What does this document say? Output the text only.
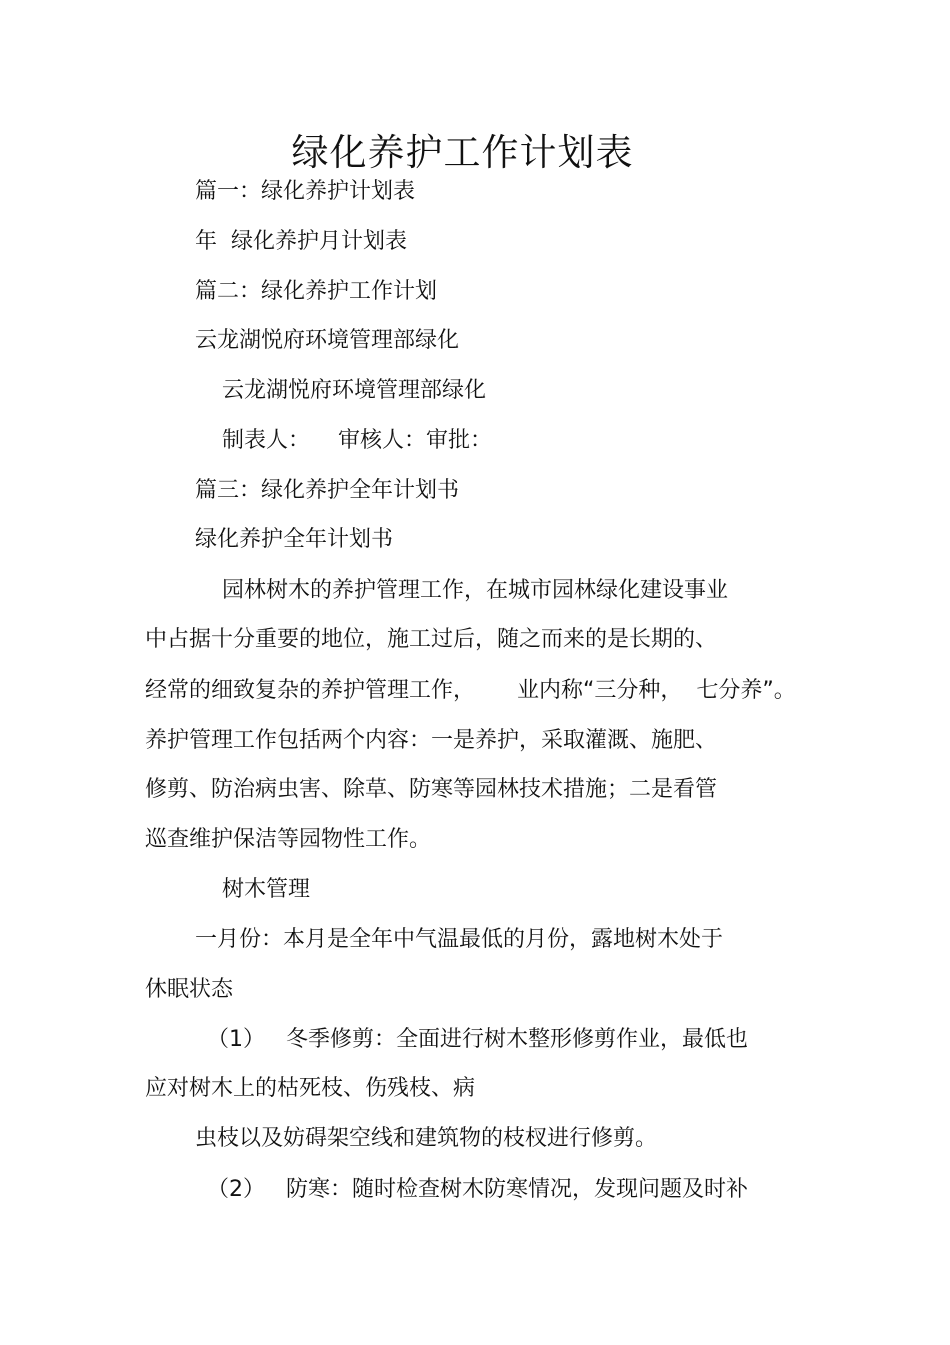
绿化养护工作计划表
篇一：绿化养护计划表
年  绿化养护月计划表
篇二：绿化养护工作计划
云龙湖悦府环境管理部绿化
云龙湖悦府环境管理部绿化
制表人：    审核人：审批：
篇三：绿化养护全年计划书
绿化养护全年计划书
园林树木的养护管理工作，在城市园林绿化建设事业
中占据十分重要的地位，施工过后，随之而来的是长期的、
经常的细致复杂的养护管理工作，      业内称“三分种，  七分养”。
养护管理工作包括两个内容：一是养护，采取灌溉、施肥、
修剪、防治病虫害、除草、防寒等园林技术措施；二是看管
巡查维护保洁等园物性工作。
树木管理
一月份：本月是全年中气温最低的月份，露地树木处于
休眠状态
（1）   冬季修剪：全面进行树木整形修剪作业，最低也
应对树木上的枯死枝、伤残枝、病
虫枝以及妨碍架空线和建筑物的枝杈进行修剪。
（2）   防寒：随时检查树木防寒情况，发现问题及时补
